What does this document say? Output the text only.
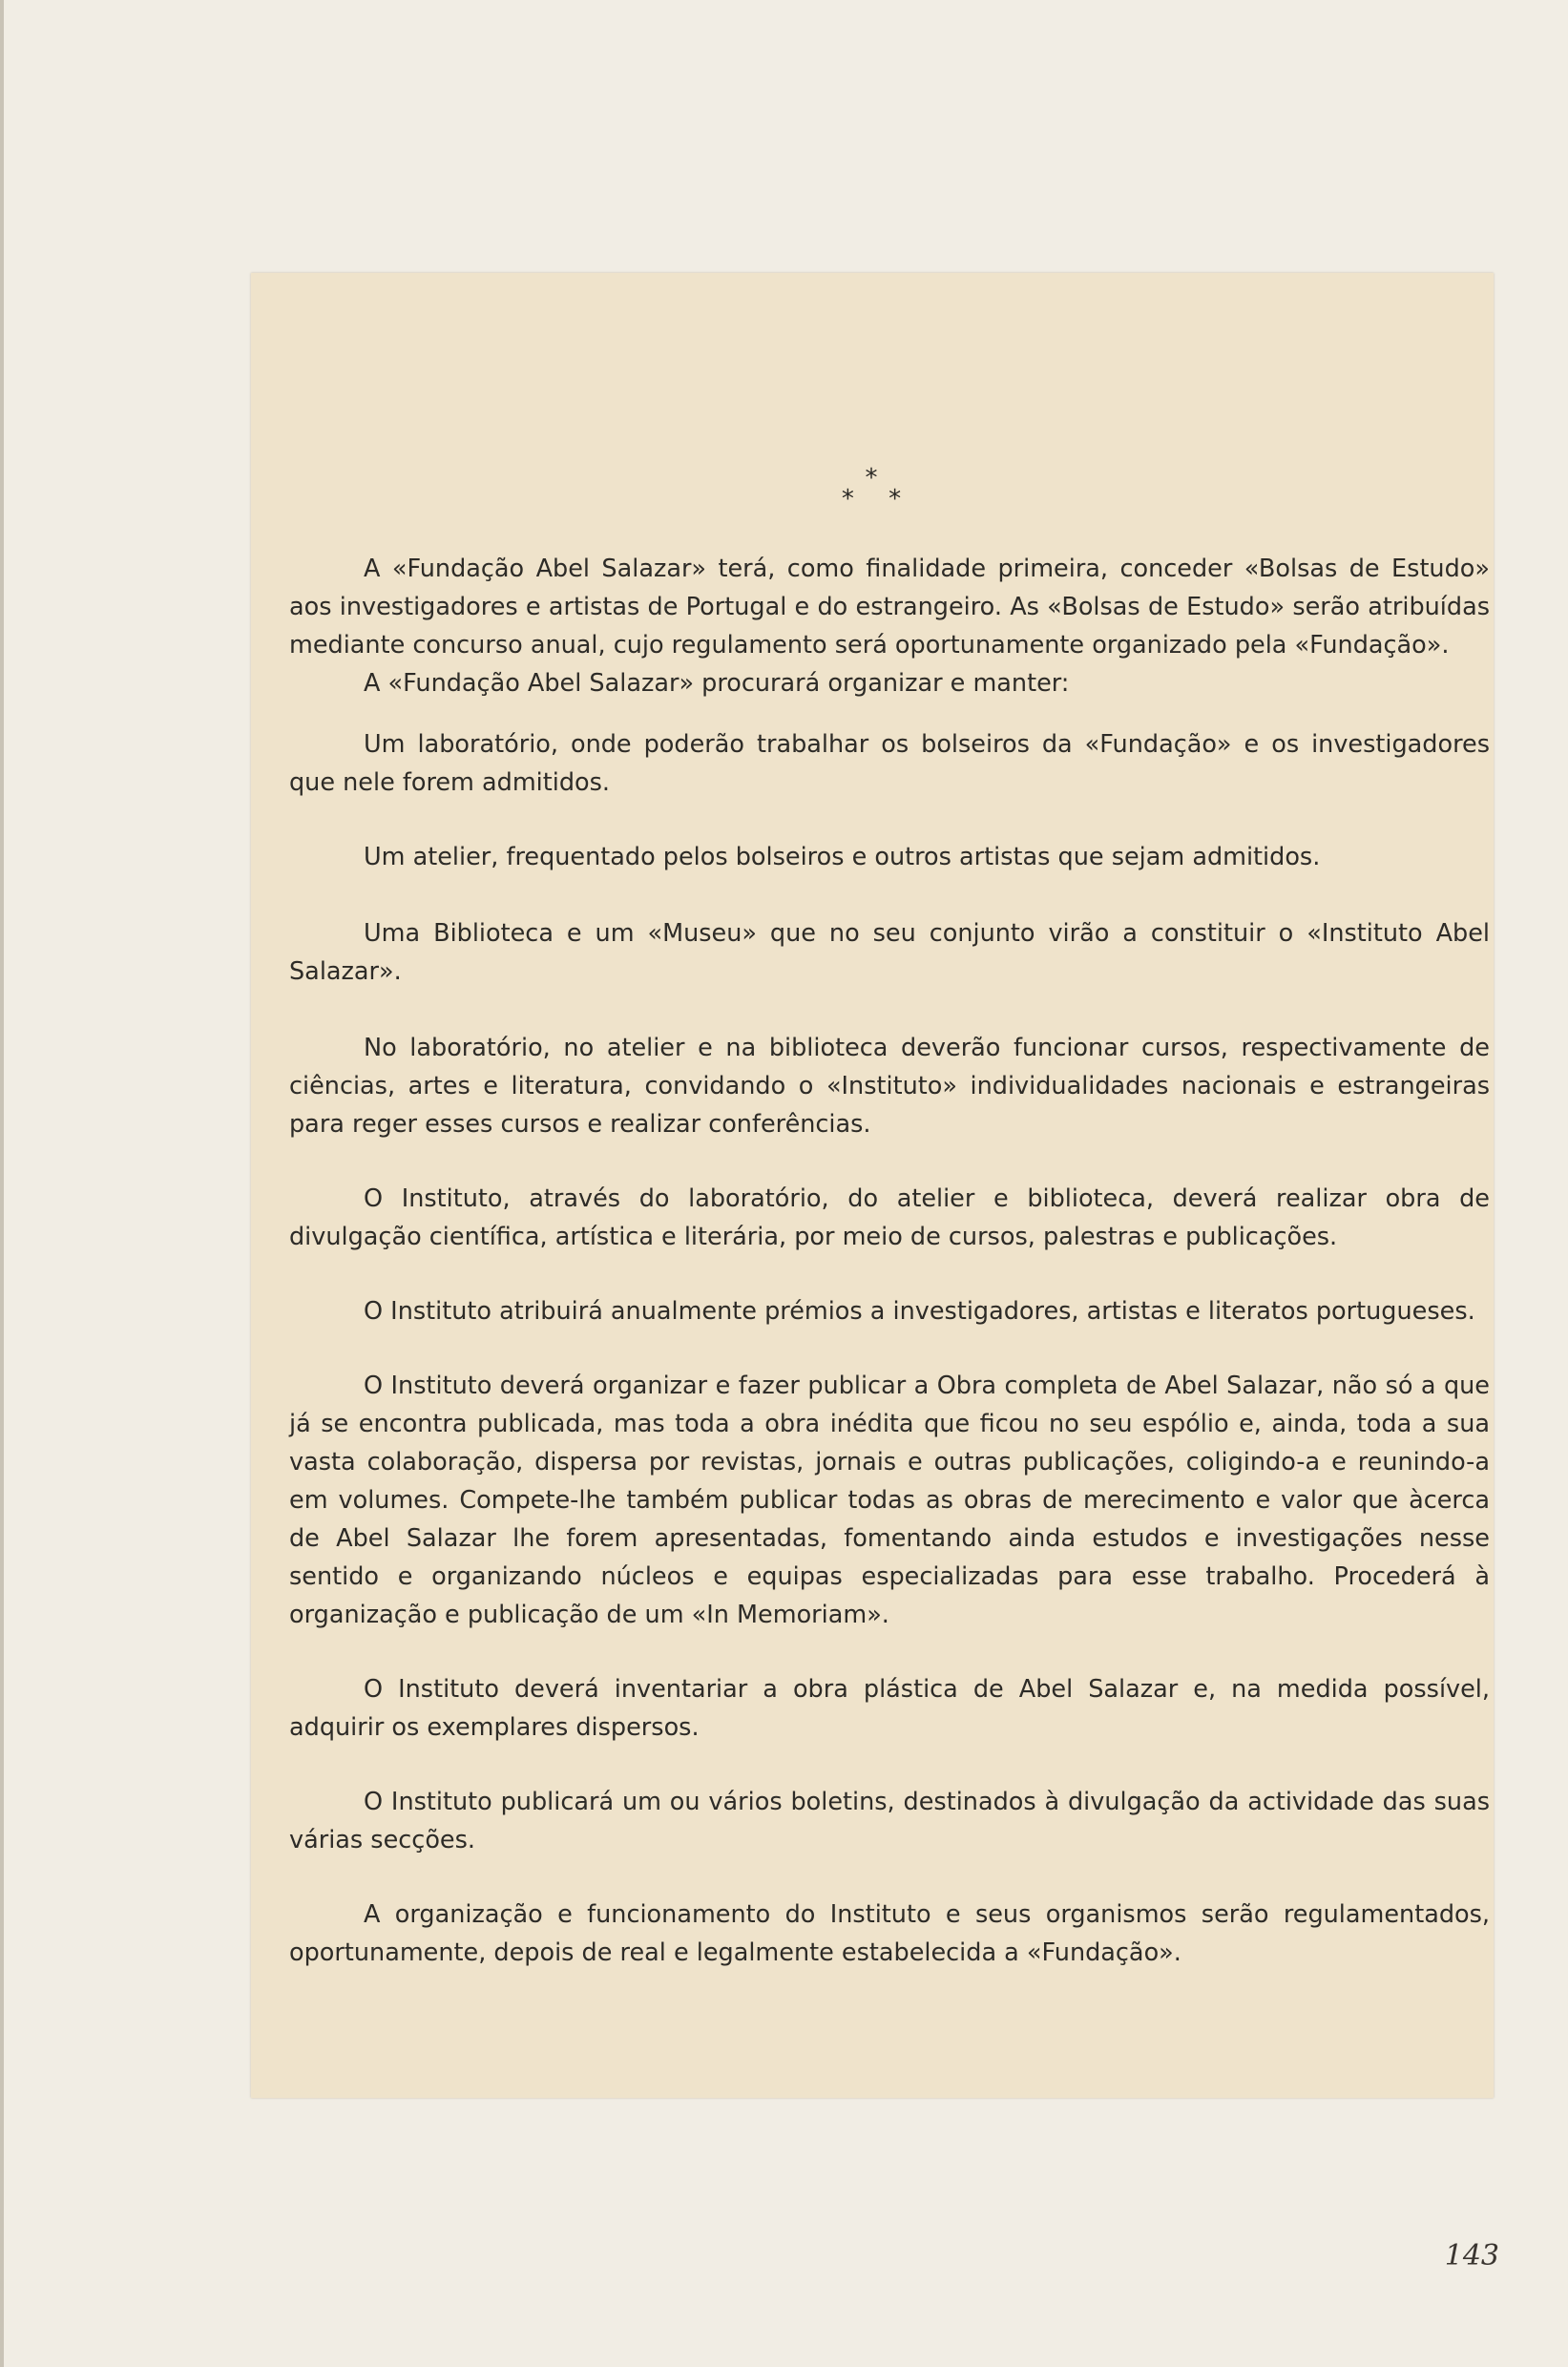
*
* *

A «Fundação Abel Salazar» terá, como finalidade primeira, conceder «Bolsas de Estudo» aos investigadores e artistas de Portugal e do estrangeiro. As «Bolsas de Estudo» serão atribuídas mediante concurso anual, cujo regulamento será oportunamente organizado pela «Fundação».

A «Fundação Abel Salazar» procurará organizar e manter:

Um laboratório, onde poderão trabalhar os bolseiros da «Fundação» e os investigadores que nele forem admitidos.

Um atelier, frequentado pelos bolseiros e outros artistas que sejam admitidos.

Uma Biblioteca e um «Museu» que no seu conjunto virão a constituir o «Instituto Abel Salazar».

No laboratório, no atelier e na biblioteca deverão funcionar cursos, respectivamente de ciências, artes e literatura, convidando o «Instituto» individualidades nacionais e estrangeiras para reger esses cursos e realizar conferências.

O Instituto, através do laboratório, do atelier e biblioteca, deverá realizar obra de divulgação científica, artística e literária, por meio de cursos, palestras e publicações.

O Instituto atribuirá anualmente prémios a investigadores, artistas e literatos portugueses.

O Instituto deverá organizar e fazer publicar a Obra completa de Abel Salazar, não só a que já se encontra publicada, mas toda a obra inédita que ficou no seu espólio e, ainda, toda a sua vasta colaboração, dispersa por revistas, jornais e outras publicações, coligindo-a e reunindo-a em volumes. Compete-lhe também publicar todas as obras de merecimento e valor que àcerca de Abel Salazar lhe forem apresentadas, fomentando ainda estudos e investigações nesse sentido e organizando núcleos e equipas especializadas para esse trabalho. Procederá à organização e publicação de um «In Memoriam».

O Instituto deverá inventariar a obra plástica de Abel Salazar e, na medida possível, adquirir os exemplares dispersos.

O Instituto publicará um ou vários boletins, destinados à divulgação da actividade das suas várias secções.

A organização e funcionamento do Instituto e seus organismos serão regulamentados, oportunamente, depois de real e legalmente estabelecida a «Fundação».

143
